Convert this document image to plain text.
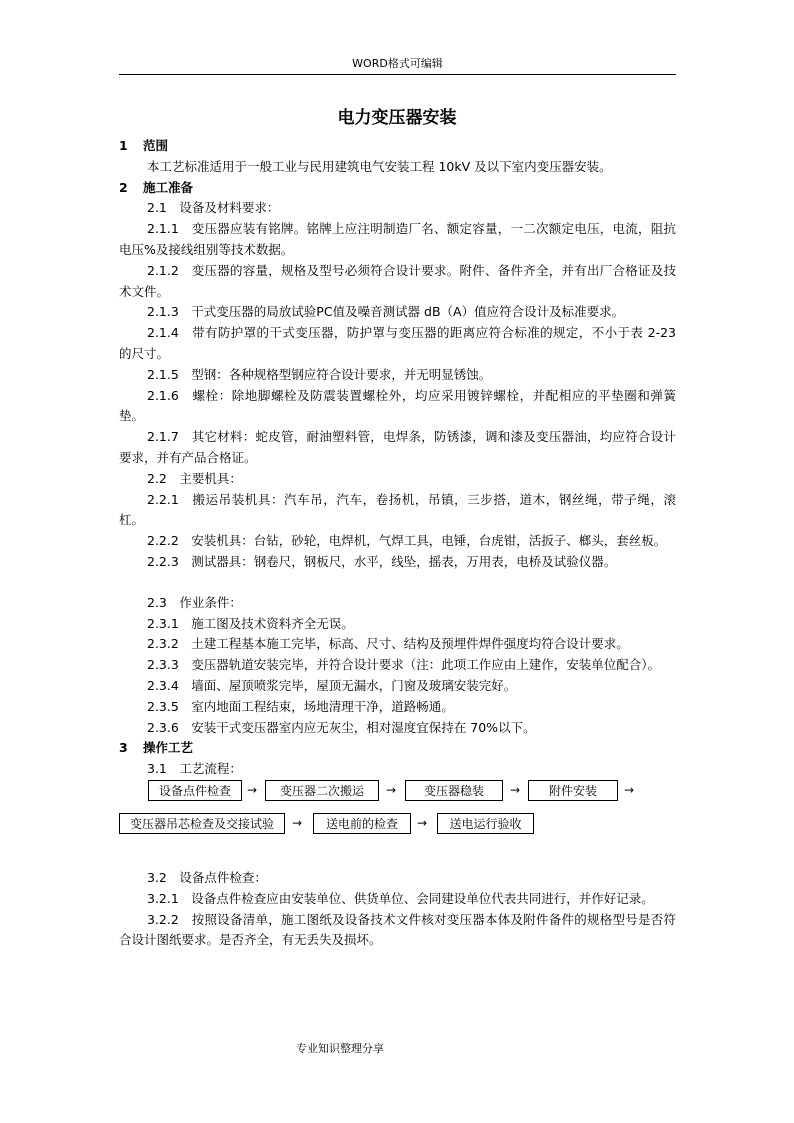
WORD格式可编辑
电力变压器安装
1 范围
本工艺标准适用于一般工业与民用建筑电气安装工程 10kV 及以下室内变压器安装。
2 施工准备
2.1　设备及材料要求：
2.1.1　变压器应装有铭牌。铭牌上应注明制造厂名、额定容量，一二次额定电压，电流，阻抗电压%及接线组别等技术数据。
2.1.2　变压器的容量，规格及型号必须符合设计要求。附件、备件齐全，并有出厂合格证及技术文件。
2.1.3　干式变压器的局放试验PC值及噪音测试器 dB（A）值应符合设计及标准要求。
2.1.4　带有防护罩的干式变压器，防护罩与变压器的距离应符合标准的规定，不小于表 2-23 的尺寸。
2.1.5　型钢：各种规格型钢应符合设计要求，并无明显锈蚀。
2.1.6　螺栓：除地脚螺栓及防震装置螺栓外，均应采用镀锌螺栓，并配相应的平垫圈和弹簧垫。
2.1.7　其它材料：蛇皮管，耐油塑料管，电焊条，防锈漆，调和漆及变压器油，均应符合设计要求，并有产品合格证。
2.2　主要机具：
2.2.1　搬运吊装机具：汽车吊，汽车，卷扬机，吊镇，三步搭，道木，钢丝绳，带子绳，滚杠。
2.2.2　安装机具：台钻，砂轮，电焊机，气焊工具，电锤，台虎钳，活扳子、榔头，套丝板。
2.2.3　测试器具：钢卷尺，钢板尺，水平，线坠，摇表，万用表，电桥及试验仪器。
2.3　作业条件：
2.3.1　施工图及技术资料齐全无误。
2.3.2　土建工程基本施工完毕，标高、尺寸、结构及预埋件焊件强度均符合设计要求。
2.3.3　变压器轨道安装完毕，并符合设计要求（注：此项工作应由上建作，安装单位配合）。
2.3.4　墙面、屋顶喷浆完毕，屋顶无漏水，门窗及玻璃安装完好。
2.3.5　室内地面工程结束，场地清理干净，道路畅通。
2.3.6　安装干式变压器室内应无灰尘，相对湿度宜保持在 70%以下。
3 操作工艺
3.1　工艺流程：
设备点件检查	→	变压器二次搬运	→	变压器稳装	→	附件安装	→
变压器吊芯检查及交接试验	→	送电前的检查	→	送电运行验收
3.2　设备点件检查：
3.2.1　设备点件检查应由安装单位、供货单位、会同建设单位代表共同进行，并作好记录。
3.2.2　按照设备清单，施工图纸及设备技术文件核对变压器本体及附件备件的规格型号是否符合设计图纸要求。是否齐全，有无丢失及损坏。
专业知识整理分享
